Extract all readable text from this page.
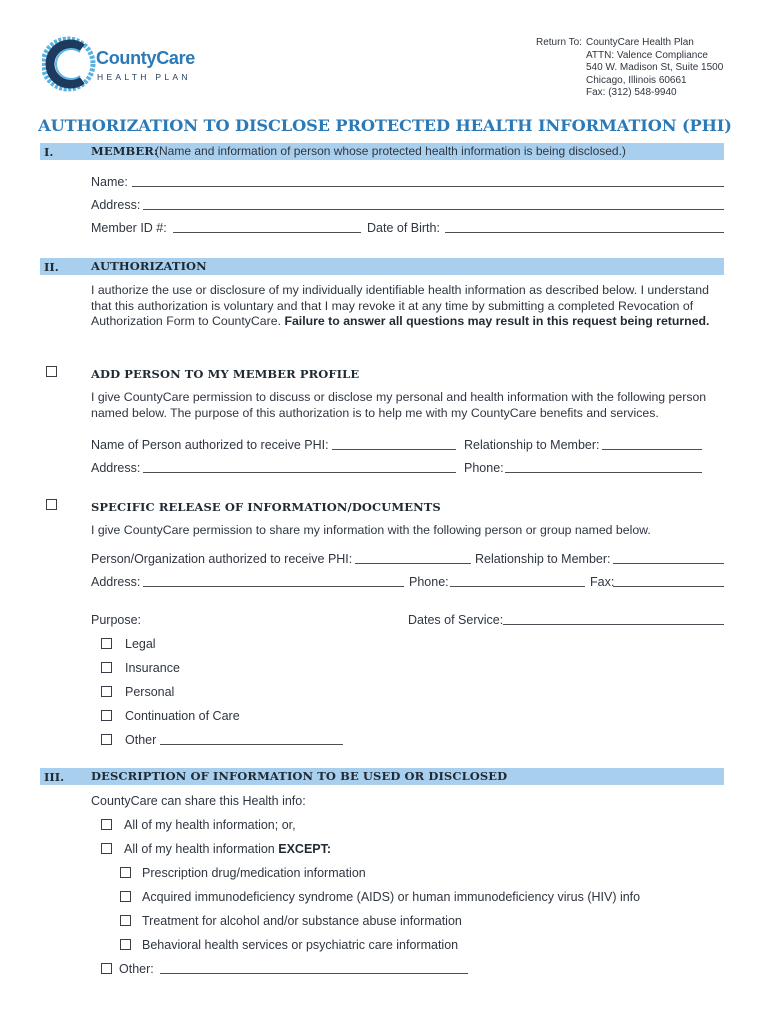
CountyCare
HEALTH PLAN
Return To: CountyCare Health Plan
ATTN: Valence Compliance
540 W. Madison St, Suite 1500
Chicago, Illinois 60661
Fax: (312) 548-9940
AUTHORIZATION TO DISCLOSE PROTECTED HEALTH INFORMATION (PHI)
I.	MEMBER:
(Name and information of person whose protected health information is being disclosed.)
Name:
Address:
Member ID #:	Date of Birth:
II.	AUTHORIZATION
I authorize the use or disclosure of my individually identifiable health information as described below. I understand that this authorization is voluntary and that I may revoke it at any time by submitting a completed Revocation of Authorization Form to CountyCare. Failure to answer all questions may result in this request being returned.
ADD PERSON TO MY MEMBER PROFILE
I give CountyCare permission to discuss or disclose my personal and health information with the following person named below. The purpose of this authorization is to help me with my CountyCare benefits and services.
Name of Person authorized to receive PHI:	Relationship to Member:
Address:	Phone:
SPECIFIC RELEASE OF INFORMATION/DOCUMENTS
I give CountyCare permission to share my information with the following person or group named below.
Person/Organization authorized to receive PHI:	Relationship to Member:
Address:	Phone:	Fax:
Purpose:	Dates of Service:
Legal
Insurance
Personal
Continuation of Care
Other
III. DESCRIPTION OF INFORMATION TO BE USED OR DISCLOSED
CountyCare can share this Health info:
All of my health information; or,
All of my health information EXCEPT:
Prescription drug/medication information
Acquired immunodeficiency syndrome (AIDS) or human immunodeficiency virus (HIV) info
Treatment for alcohol and/or substance abuse information
Behavioral health services or psychiatric care information
Other:
